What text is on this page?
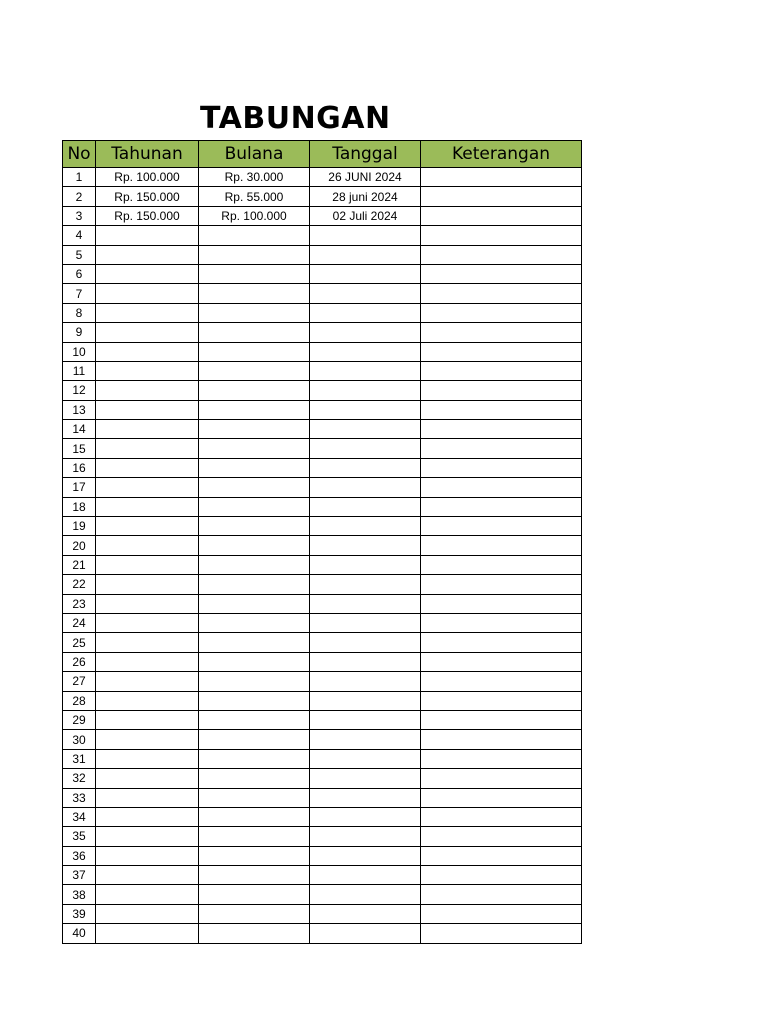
TABUNGAN
No	Tahunan	Bulana	Tanggal	Keterangan
1	Rp. 100.000	Rp. 30.000	26 JUNI 2024	
2	Rp. 150.000	Rp. 55.000	28 juni 2024	
3	Rp. 150.000	Rp. 100.000	02 Juli 2024	
4				
5				
6				
7				
8				
9				
10				
11				
12				
13				
14				
15				
16				
17				
18				
19				
20				
21				
22				
23				
24				
25				
26				
27				
28				
29				
30				
31				
32				
33				
34				
35				
36				
37				
38				
39				
40				
